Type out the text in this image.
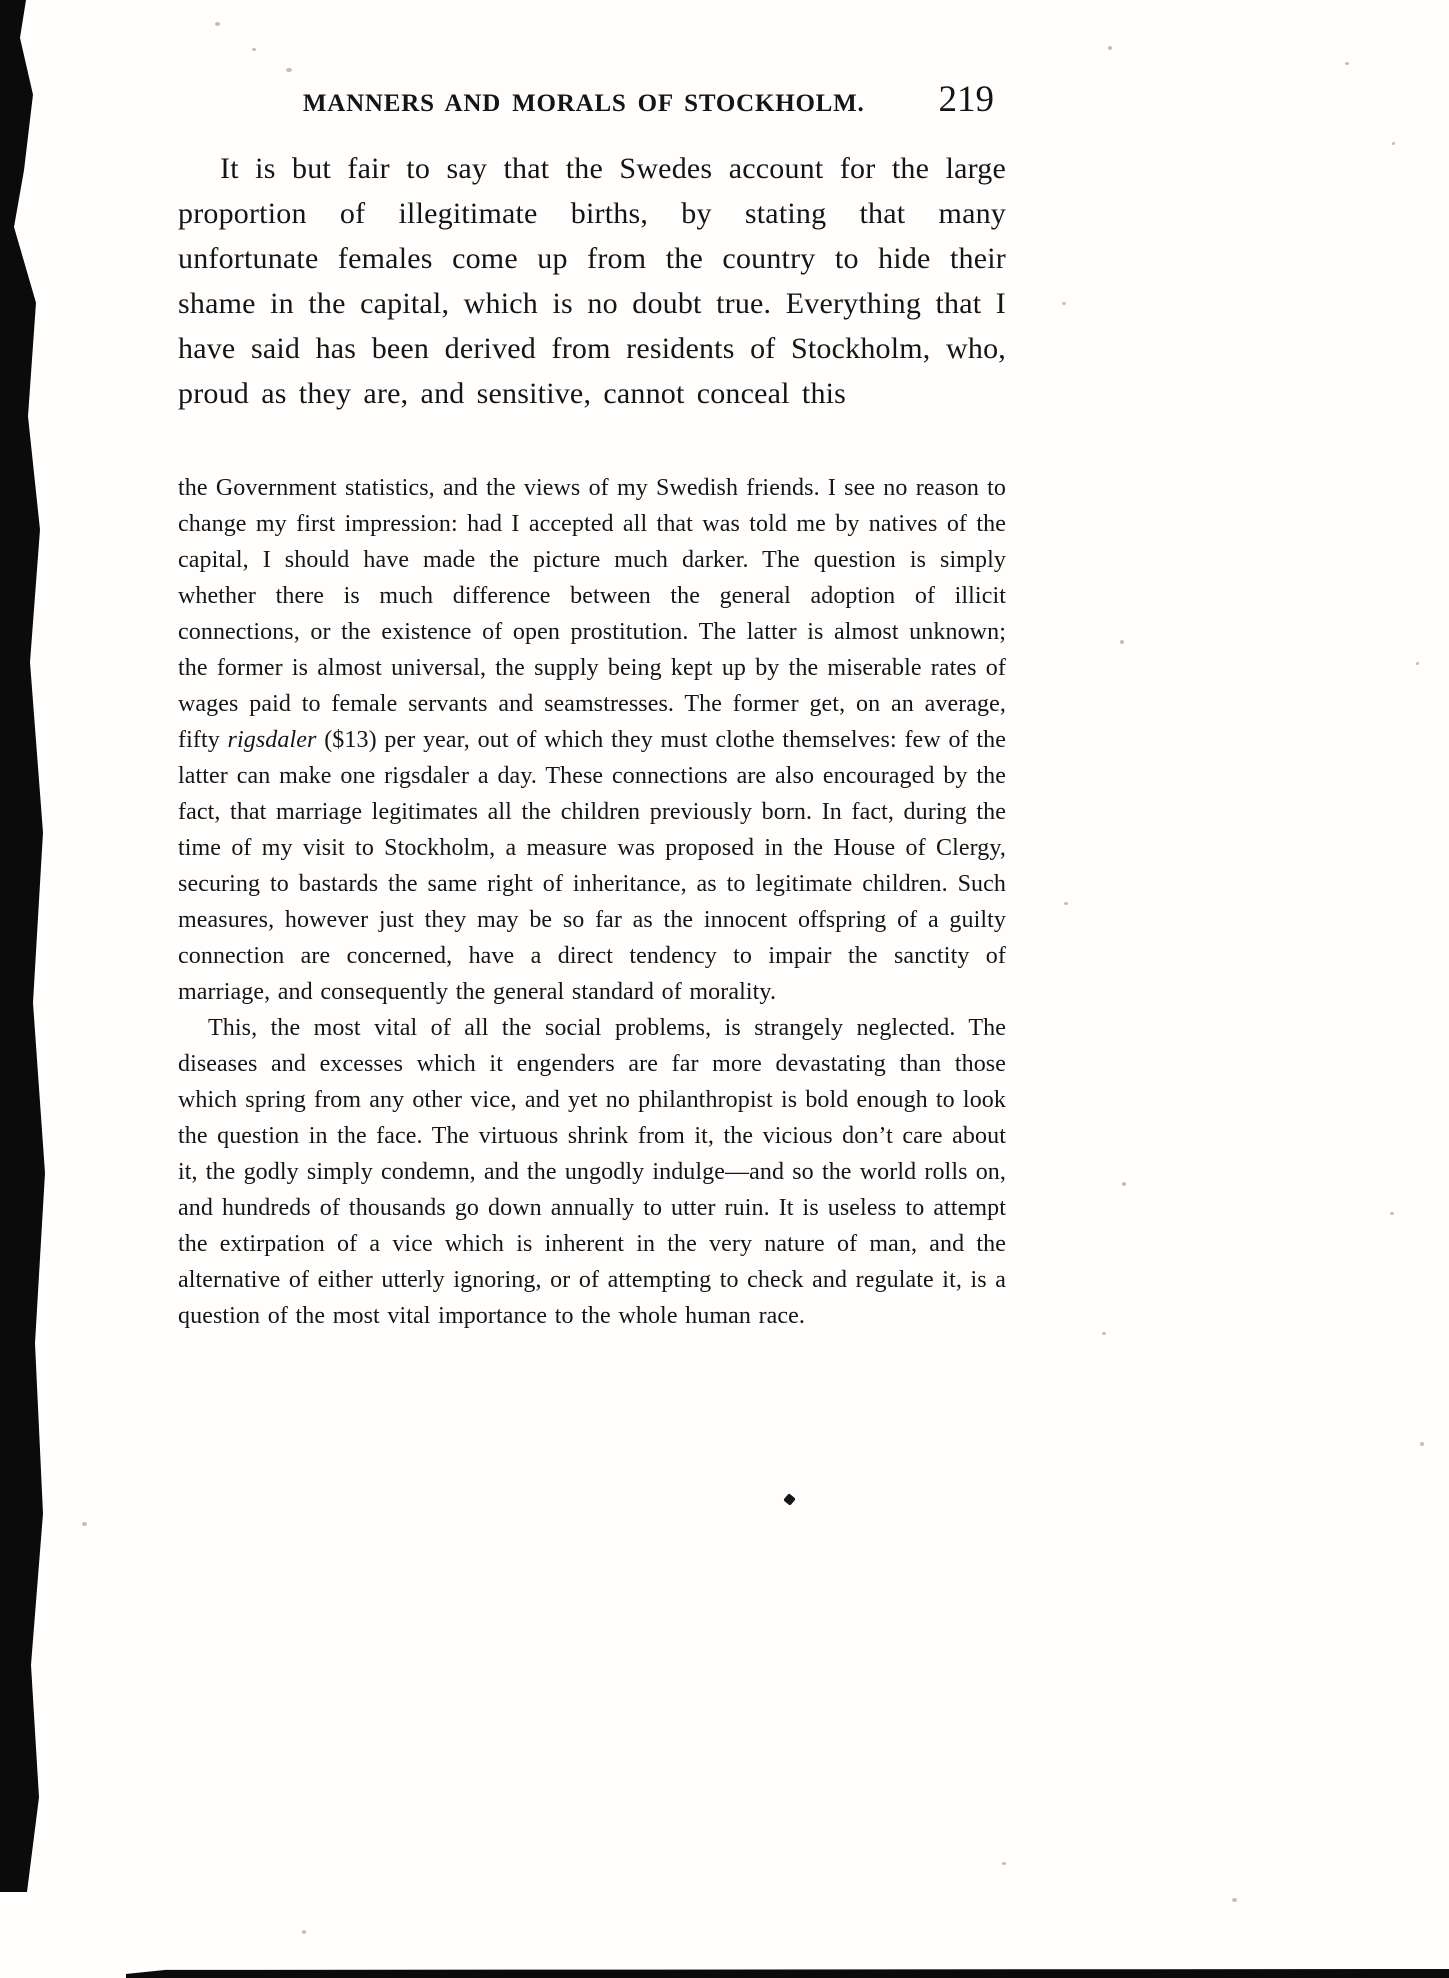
MANNERS AND MORALS OF STOCKHOLM. 219

It is but fair to say that the Swedes account for the large proportion of illegitimate births, by stating that many unfortunate females come up from the country to hide their shame in the capital, which is no doubt true. Everything that I have said has been derived from residents of Stockholm, who, proud as they are, and sensitive, cannot conceal this

the Government statistics, and the views of my Swedish friends. I see no reason to change my first impression: had I accepted all that was told me by natives of the capital, I should have made the picture much darker. The question is simply whether there is much difference between the general adoption of illicit connections, or the existence of open prostitution. The latter is almost unknown; the former is almost universal, the supply being kept up by the miserable rates of wages paid to female servants and seamstresses. The former get, on an average, fifty rigsdaler ($13) per year, out of which they must clothe themselves: few of the latter can make one rigsdaler a day. These connections are also encouraged by the fact, that marriage legitimates all the children previously born. In fact, during the time of my visit to Stockholm, a measure was proposed in the House of Clergy, securing to bastards the same right of inheritance, as to legitimate children. Such measures, however just they may be so far as the innocent offspring of a guilty connection are concerned, have a direct tendency to impair the sanctity of marriage, and consequently the general standard of morality.

This, the most vital of all the social problems, is strangely neglected. The diseases and excesses which it engenders are far more devastating than those which spring from any other vice, and yet no philanthropist is bold enough to look the question in the face. The virtuous shrink from it, the vicious don’t care about it, the godly simply condemn, and the ungodly indulge—and so the world rolls on, and hundreds of thousands go down annually to utter ruin. It is useless to attempt the extirpation of a vice which is inherent in the very nature of man, and the alternative of either utterly ignoring, or of attempting to check and regulate it, is a question of the most vital importance to the whole human race.
